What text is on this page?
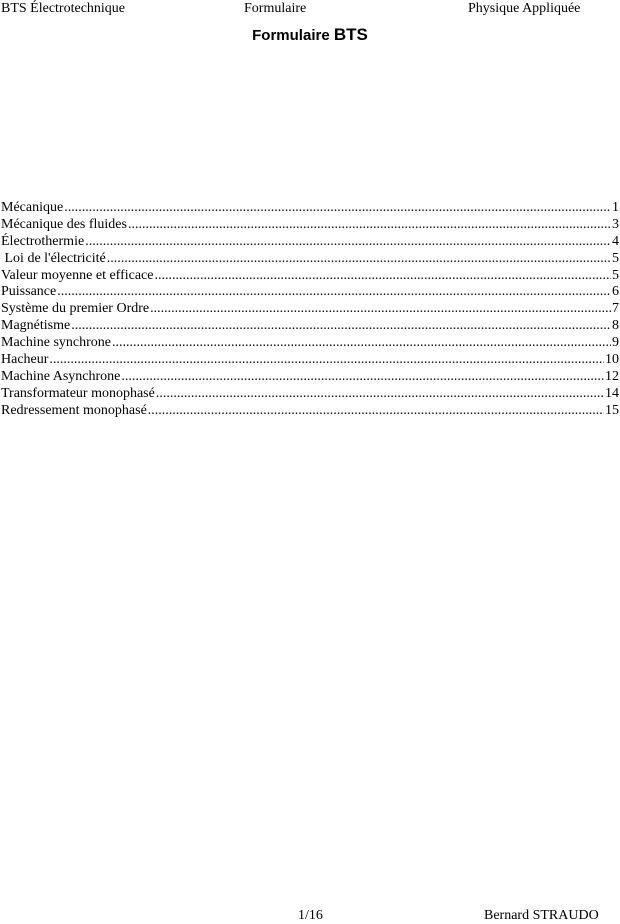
BTS Électrotechnique	Formulaire	Physique Appliquée
Formulaire BTS
Mécanique .....	1
Mécanique des fluides .....	3
Électrothermie .....	4
Loi de l'électricité .....	5
Valeur moyenne et efficace .....	5
Puissance .....	6
Système du premier Ordre .....	7
Magnétisme .....	8
Machine synchrone .....	9
Hacheur .....	10
Machine Asynchrone .....	12
Transformateur monophasé .....	14
Redressement monophasé .....	15
1/16	Bernard STRAUDO
